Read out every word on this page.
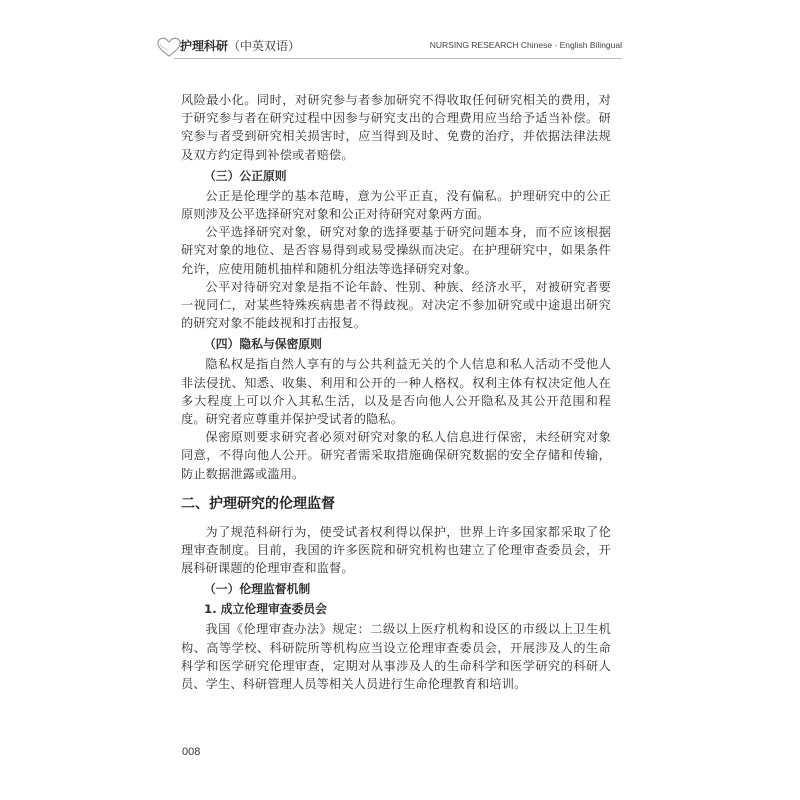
护理科研（中英双语）	NURSING RESEARCH Chinese · English Bilingual

风险最小化。同时，对研究参与者参加研究不得收取任何研究相关的费用，对于研究参与者在研究过程中因参与研究支出的合理费用应当给予适当补偿。研究参与者受到研究相关损害时，应当得到及时、免费的治疗，并依据法律法规及双方约定得到补偿或者赔偿。

（三）公正原则

公正是伦理学的基本范畴，意为公平正直，没有偏私。护理研究中的公正原则涉及公平选择研究对象和公正对待研究对象两方面。

公平选择研究对象，研究对象的选择要基于研究问题本身，而不应该根据研究对象的地位、是否容易得到或易受操纵而决定。在护理研究中，如果条件允许，应使用随机抽样和随机分组法等选择研究对象。

公平对待研究对象是指不论年龄、性别、种族、经济水平，对被研究者要一视同仁，对某些特殊疾病患者不得歧视。对决定不参加研究或中途退出研究的研究对象不能歧视和打击报复。

（四）隐私与保密原则

隐私权是指自然人享有的与公共利益无关的个人信息和私人活动不受他人非法侵扰、知悉、收集、利用和公开的一种人格权。权利主体有权决定他人在多大程度上可以介入其私生活，以及是否向他人公开隐私及其公开范围和程度。研究者应尊重并保护受试者的隐私。

保密原则要求研究者必须对研究对象的私人信息进行保密，未经研究对象同意，不得向他人公开。研究者需采取措施确保研究数据的安全存储和传输，防止数据泄露或滥用。

二、护理研究的伦理监督

为了规范科研行为，使受试者权利得以保护，世界上许多国家都采取了伦理审查制度。目前，我国的许多医院和研究机构也建立了伦理审查委员会，开展科研课题的伦理审查和监督。

（一）伦理监督机制
1. 成立伦理审查委员会

我国《伦理审查办法》规定：二级以上医疗机构和设区的市级以上卫生机构、高等学校、科研院所等机构应当设立伦理审查委员会，开展涉及人的生命科学和医学研究伦理审查，定期对从事涉及人的生命科学和医学研究的科研人员、学生、科研管理人员等相关人员进行生命伦理教育和培训。

008
